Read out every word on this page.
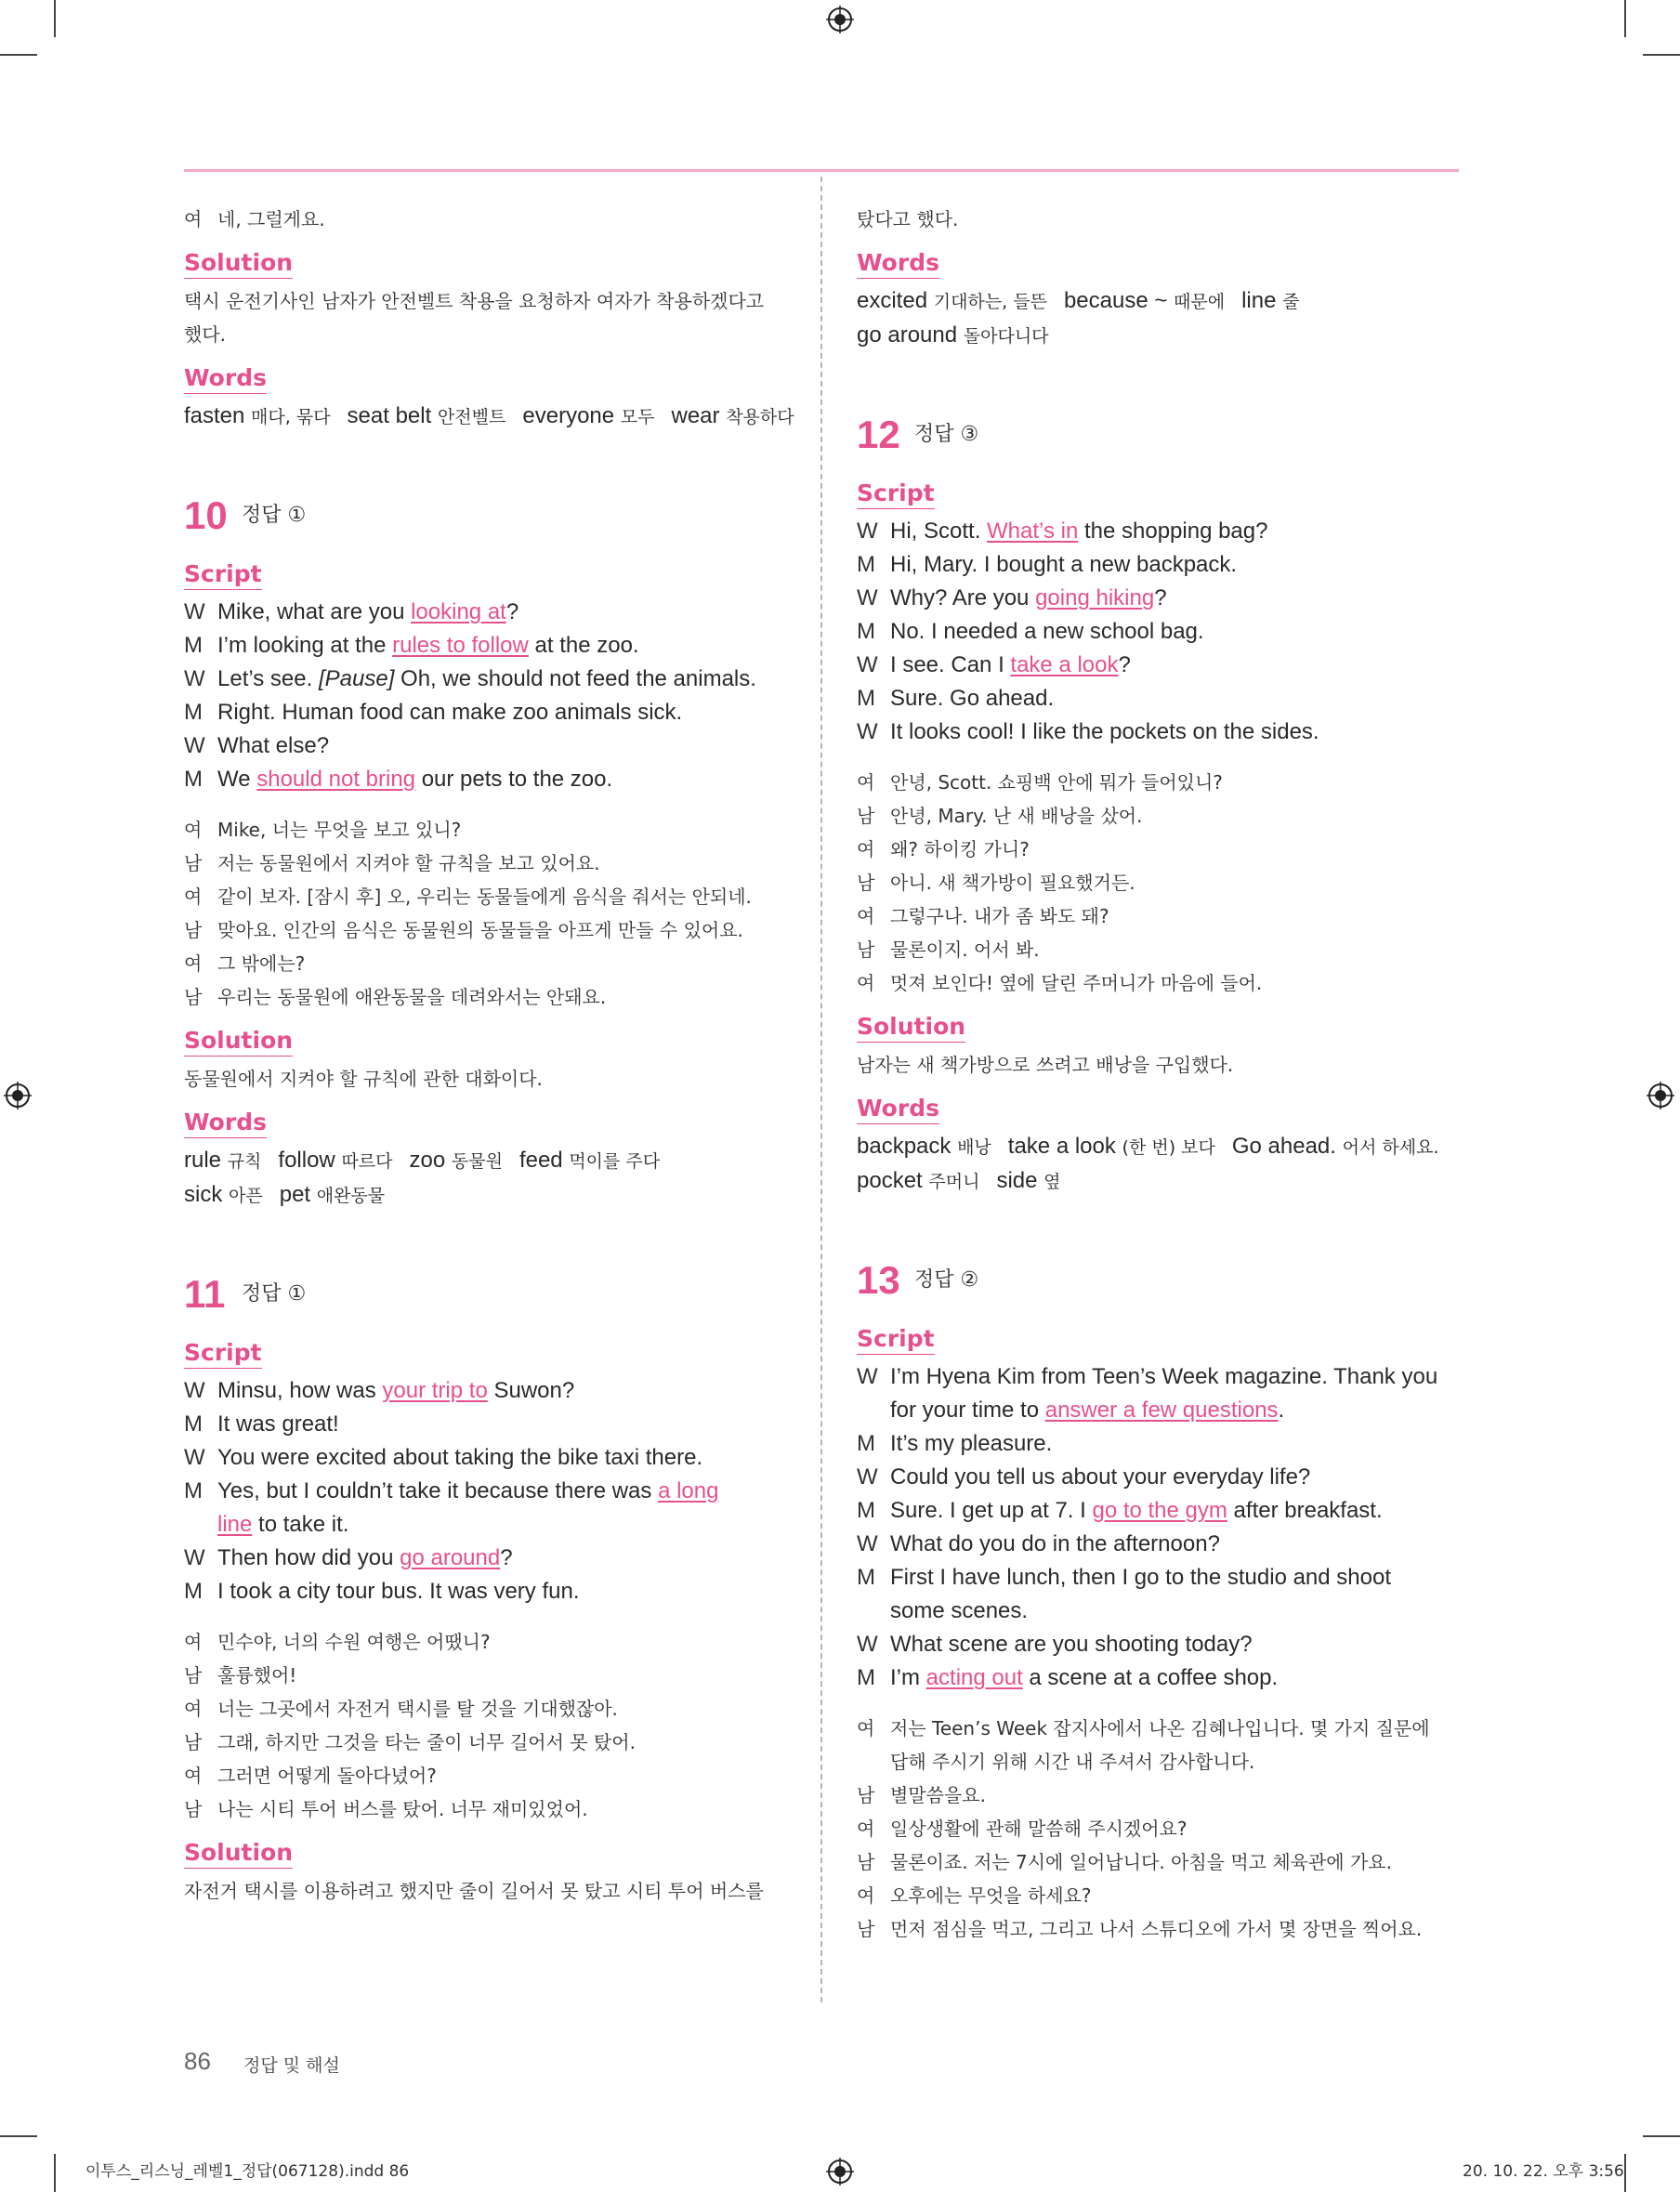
여 네, 그럴게요.
Solution
택시 운전기사인 남자가 안전벨트 착용을 요청하자 여자가 착용하겠다고
했다.
Words
fasten 매다, 묶다 seat belt 안전벨트 everyone 모두 wear 착용하다
10 정답 ①
Script
W Mike, what are you looking at?
M I’m looking at the rules to follow at the zoo.
W Let’s see. [Pause] Oh, we should not feed the animals.
M Right. Human food can make zoo animals sick.
W What else?
M We should not bring our pets to the zoo.
여 Mike, 너는 무엇을 보고 있니?
남 저는 동물원에서 지켜야 할 규칙을 보고 있어요.
여 같이 보자. [잠시 후] 오, 우리는 동물들에게 음식을 줘서는 안되네.
남 맞아요. 인간의 음식은 동물원의 동물들을 아프게 만들 수 있어요.
여 그 밖에는?
남 우리는 동물원에 애완동물을 데려와서는 안돼요.
Solution
동물원에서 지켜야 할 규칙에 관한 대화이다.
Words
rule 규칙 follow 따르다 zoo 동물원 feed 먹이를 주다
sick 아픈 pet 애완동물
11 정답 ①
Script
W Minsu, how was your trip to Suwon?
M It was great!
W You were excited about taking the bike taxi there.
M Yes, but I couldn’t take it because there was a long
line to take it.
W Then how did you go around?
M I took a city tour bus. It was very fun.
여 민수야, 너의 수원 여행은 어땠니?
남 훌륭했어!
여 너는 그곳에서 자전거 택시를 탈 것을 기대했잖아.
남 그래, 하지만 그것을 타는 줄이 너무 길어서 못 탔어.
여 그러면 어떻게 돌아다녔어?
남 나는 시티 투어 버스를 탔어. 너무 재미있었어.
Solution
자전거 택시를 이용하려고 했지만 줄이 길어서 못 탔고 시티 투어 버스를
탔다고 했다.
Words
excited 기대하는, 들뜬 because ~ 때문에 line 줄
go around 돌아다니다
12 정답 ③
Script
W Hi, Scott. What’s in the shopping bag?
M Hi, Mary. I bought a new backpack.
W Why? Are you going hiking?
M No. I needed a new school bag.
W I see. Can I take a look?
M Sure. Go ahead.
W It looks cool! I like the pockets on the sides.
여 안녕, Scott. 쇼핑백 안에 뭐가 들어있니?
남 안녕, Mary. 난 새 배낭을 샀어.
여 왜? 하이킹 가니?
남 아니. 새 책가방이 필요했거든.
여 그렇구나. 내가 좀 봐도 돼?
남 물론이지. 어서 봐.
여 멋져 보인다! 옆에 달린 주머니가 마음에 들어.
Solution
남자는 새 책가방으로 쓰려고 배낭을 구입했다.
Words
backpack 배낭 take a look (한 번) 보다 Go ahead. 어서 하세요.
pocket 주머니 side 옆
13 정답 ②
Script
W I’m Hyena Kim from Teen’s Week magazine. Thank you
for your time to answer a few questions.
M It’s my pleasure.
W Could you tell us about your everyday life?
M Sure. I get up at 7. I go to the gym after breakfast.
W What do you do in the afternoon?
M First I have lunch, then I go to the studio and shoot
some scenes.
W What scene are you shooting today?
M I’m acting out a scene at a coffee shop.
여 저는 Teen’s Week 잡지사에서 나온 김혜나입니다. 몇 가지 질문에
답해 주시기 위해 시간 내 주셔서 감사합니다.
남 별말씀을요.
여 일상생활에 관해 말씀해 주시겠어요?
남 물론이죠. 저는 7시에 일어납니다. 아침을 먹고 체육관에 가요.
여 오후에는 무엇을 하세요?
남 먼저 점심을 먹고, 그리고 나서 스튜디오에 가서 몇 장면을 찍어요.
86 정답 및 해설
이투스_리스닝_레벨1_정답(067128).indd 86	20. 10. 22. 오후 3:56
